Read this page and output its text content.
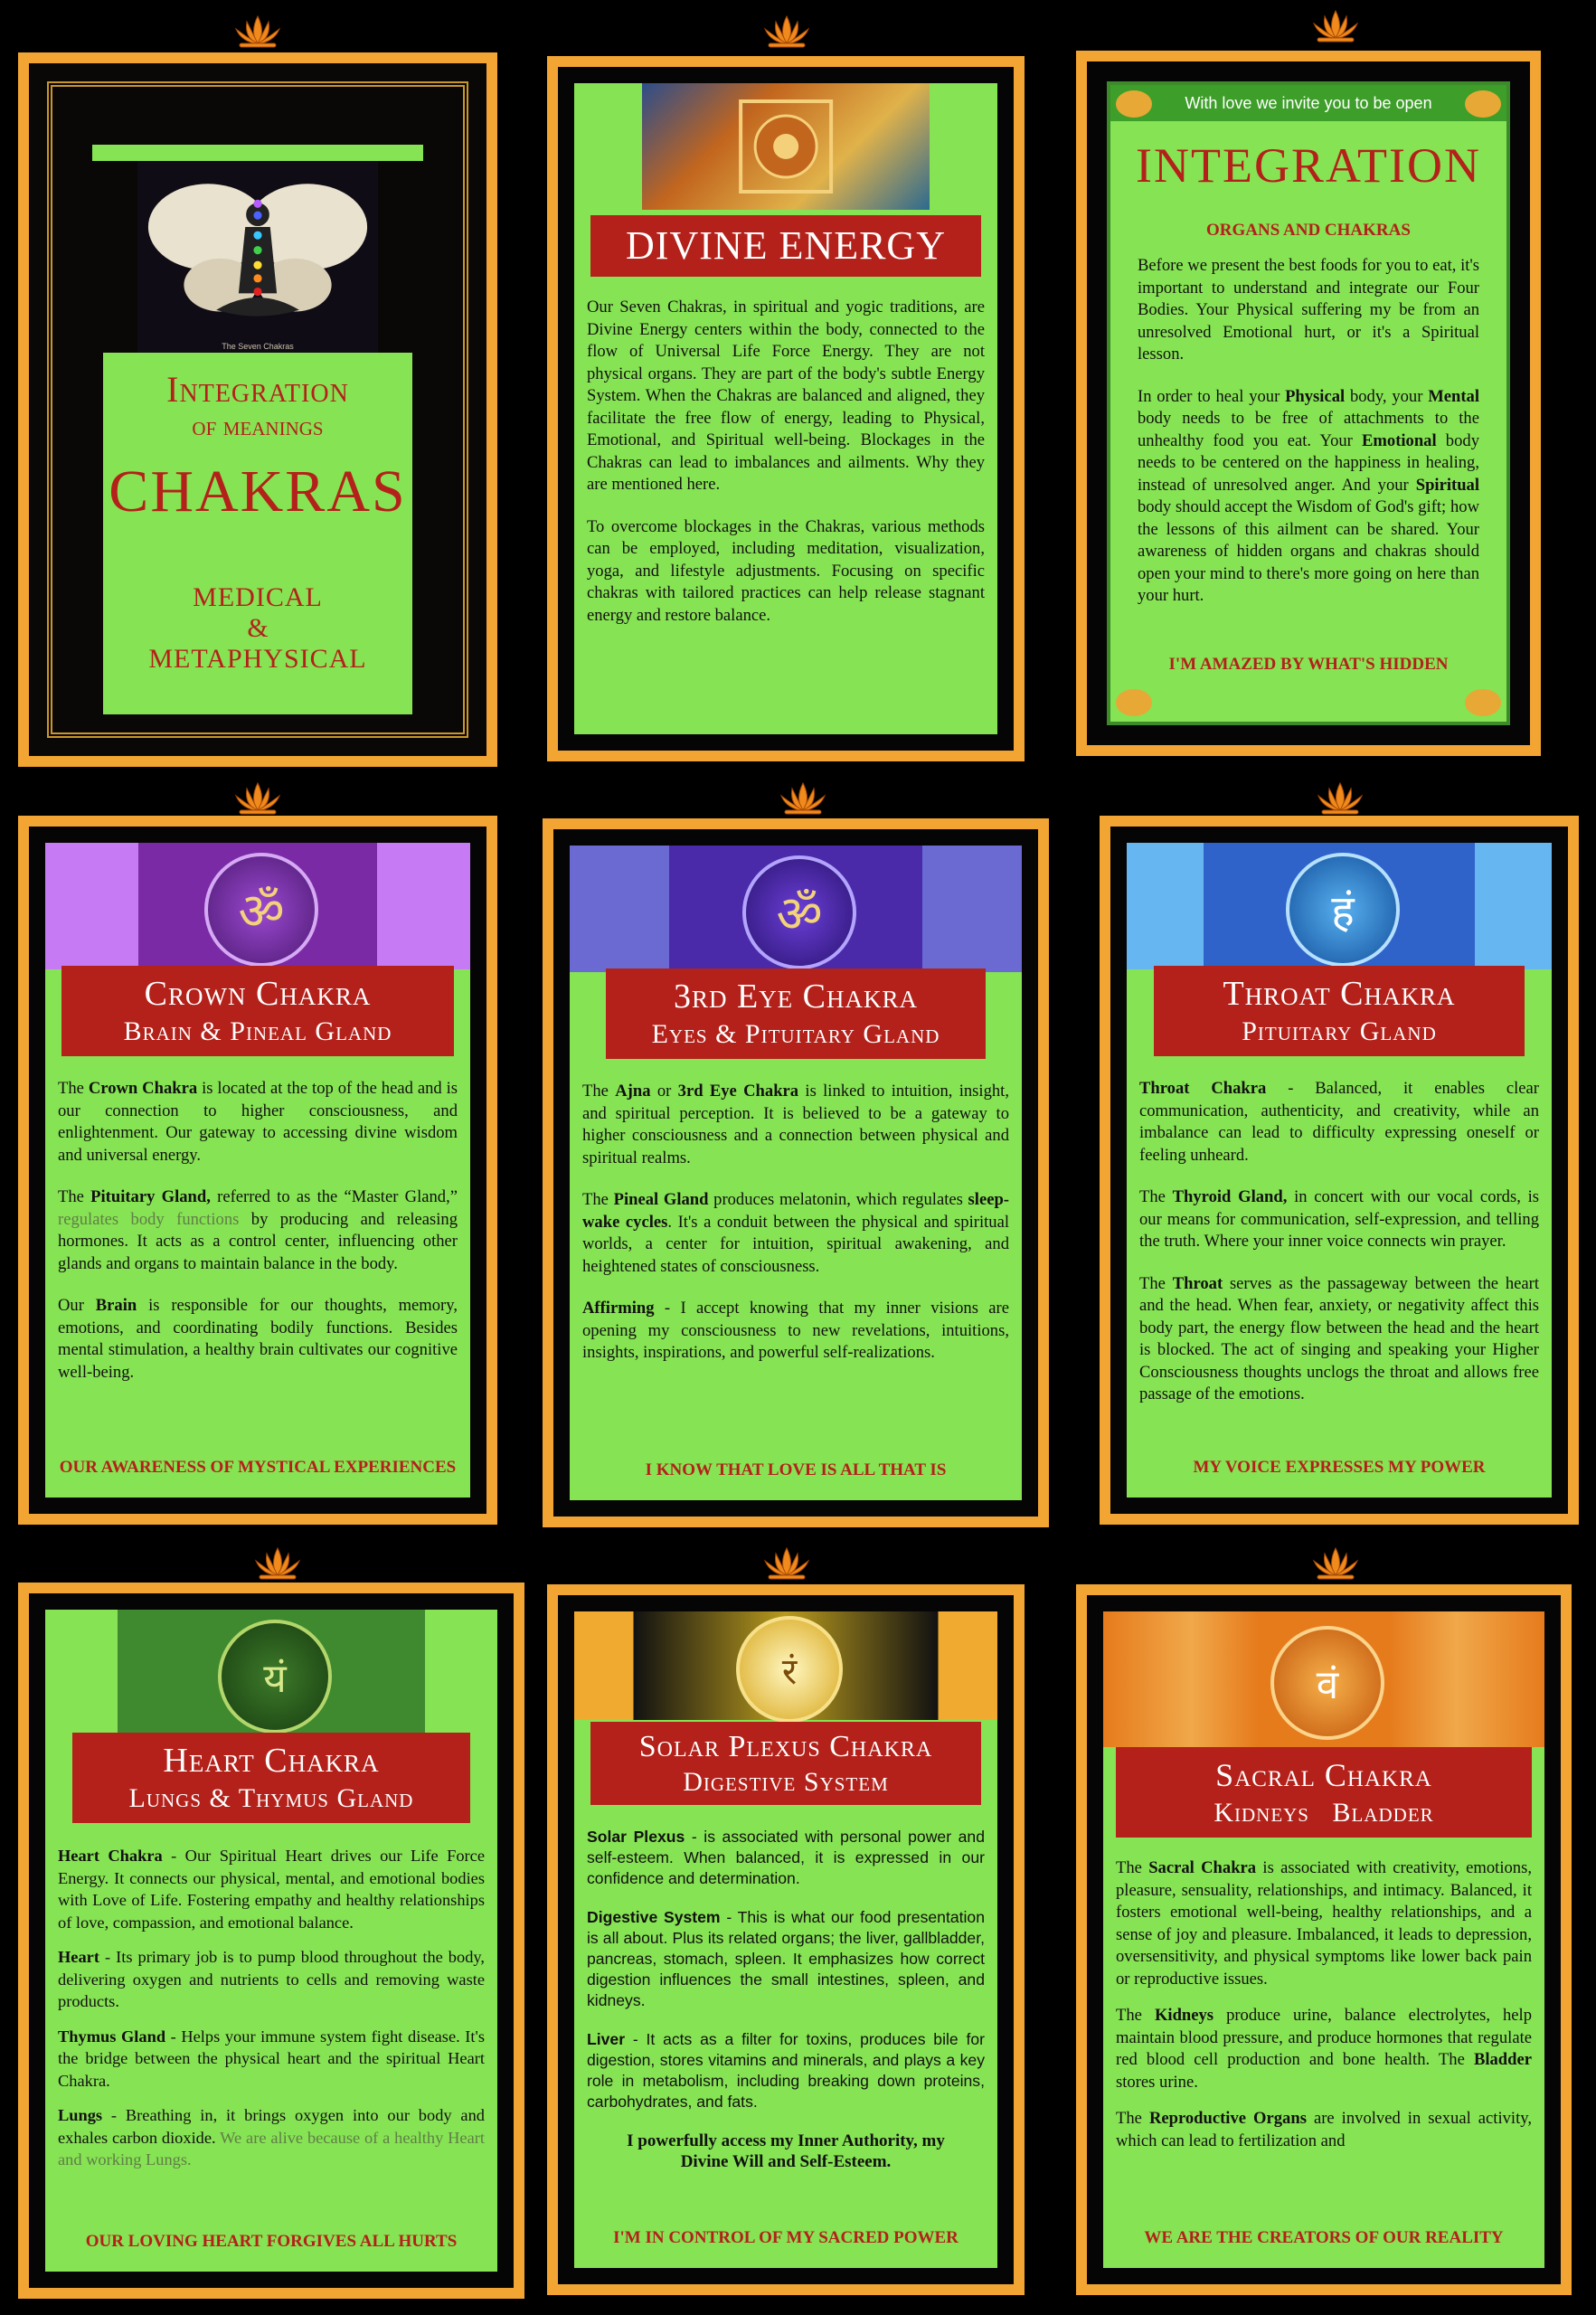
The Seven Chakras
Integration
of meanings
CHAKRAS
MEDICAL
&
METAPHYSICAL
DIVINE ENERGY

Our Seven Chakras, in spiritual and yogic traditions, are Divine Energy centers within the body, connected to the flow of Universal Life Force Energy. They are not physical organs. They are part of the body's subtle Energy System. When the Chakras are balanced and aligned, they facilitate the free flow of energy, leading to Physical, Emotional, and Spiritual well-being. Blockages in the Chakras can lead to imbalances and ailments. Why they are mentioned here.

To overcome blockages in the Chakras, various methods can be employed, including meditation, visualization, yoga, and lifestyle adjustments. Focusing on specific chakras with tailored practices can help release stagnant energy and restore balance.

With love we invite you to be open
INTEGRATION
ORGANS AND CHAKRAS

Before we present the best foods for you to eat, it's important to understand and integrate our Four Bodies. Your Physical suffering my be from an unresolved Emotional hurt, or it's a Spiritual lesson.

In order to heal your Physical body, your Mental body needs to be free of attachments to the unhealthy food you eat. Your Emotional body needs to be centered on the happiness in healing, instead of unresolved anger. And your Spiritual body should accept the Wisdom of God's gift; how the lessons of this ailment can be shared. Your awareness of hidden organs and chakras should open your mind to there's more going on here than your hurt.

I'M AMAZED BY WHAT'S HIDDEN
ॐ
Crown Chakra
Brain & Pineal Gland

The Crown Chakra is located at the top of the head and is our connection to higher consciousness, and enlightenment. Our gateway to accessing divine wisdom and universal energy.

The Pituitary Gland, referred to as the “Master Gland,” regulates body functions by producing and releasing hormones. It acts as a control center, influencing other glands and organs to maintain balance in the body.

Our Brain is responsible for our thoughts, memory, emotions, and coordinating bodily functions. Besides mental stimulation, a healthy brain cultivates our cognitive well-being.

OUR AWARENESS OF MYSTICAL EXPERIENCES
ॐ
3rd Eye Chakra
Eyes & Pituitary Gland

The Ajna or 3rd Eye Chakra is linked to intuition, insight, and spiritual perception. It is believed to be a gateway to higher consciousness and a connection between physical and spiritual realms.

The Pineal Gland produces melatonin, which regulates sleep-wake cycles. It's a conduit between the physical and spiritual worlds, a center for intuition, spiritual awakening, and heightened states of consciousness.

Affirming - I accept knowing that my inner visions are opening my consciousness to new revelations, intuitions, insights, inspirations, and powerful self-realizations.

I KNOW THAT LOVE IS ALL THAT IS
हं
Throat Chakra
Pituitary Gland

Throat Chakra - Balanced, it enables clear communication, authenticity, and creativity, while an imbalance can lead to difficulty expressing oneself or feeling unheard.

The Thyroid Gland, in concert with our vocal cords, is our means for communication, self-expression, and telling the truth. Where your inner voice connects win prayer.

The Throat serves as the passageway between the heart and the head. When fear, anxiety, or negativity affect this body part, the energy flow between the head and the heart is blocked. The act of singing and speaking your Higher Consciousness thoughts unclogs the throat and allows free passage of the emotions.

MY VOICE EXPRESSES MY POWER
यं
Heart Chakra
Lungs & Thymus Gland

Heart Chakra - Our Spiritual Heart drives our Life Force Energy. It connects our physical, mental, and emotional bodies with Love of Life. Fostering empathy and healthy relationships of love, compassion, and emotional balance.

Heart - Its primary job is to pump blood throughout the body, delivering oxygen and nutrients to cells and removing waste products.

Thymus Gland - Helps your immune system fight disease. It's the bridge between the physical heart and the spiritual Heart Chakra.

Lungs - Breathing in, it brings oxygen into our body and exhales carbon dioxide. We are alive because of a healthy Heart and working Lungs.

OUR LOVING HEART FORGIVES ALL HURTS
रं
Solar Plexus Chakra
Digestive System

Solar Plexus - is associated with personal power and self-esteem. When balanced, it is expressed in our confidence and determination.

Digestive System - This is what our food presentation is all about. Plus its related organs; the liver, gallbladder, pancreas, stomach, spleen. It emphasizes how correct digestion influences the small intestines, spleen, and kidneys.

Liver - It acts as a filter for toxins, produces bile for digestion, stores vitamins and minerals, and plays a key role in metabolism, including breaking down proteins, carbohydrates, and fats.

I powerfully access my Inner Authority, my Divine Will and Self-Esteem.

I'M IN CONTROL OF MY SACRED POWER
वं
Sacral Chakra
Kidneys   Bladder

The Sacral Chakra is associated with creativity, emotions, pleasure, sensuality, relationships, and intimacy. Balanced, it fosters emotional well-being, healthy relationships, and a sense of joy and pleasure. Imbalanced, it leads to depression, oversensitivity, and physical symptoms like lower back pain or reproductive issues.

The Kidneys produce urine, balance electrolytes, help maintain blood pressure, and produce hormones that regulate red blood cell production and bone health. The Bladder stores urine.

The Reproductive Organs are involved in sexual activity, which can lead to fertilization and

WE ARE THE CREATORS OF OUR REALITY
